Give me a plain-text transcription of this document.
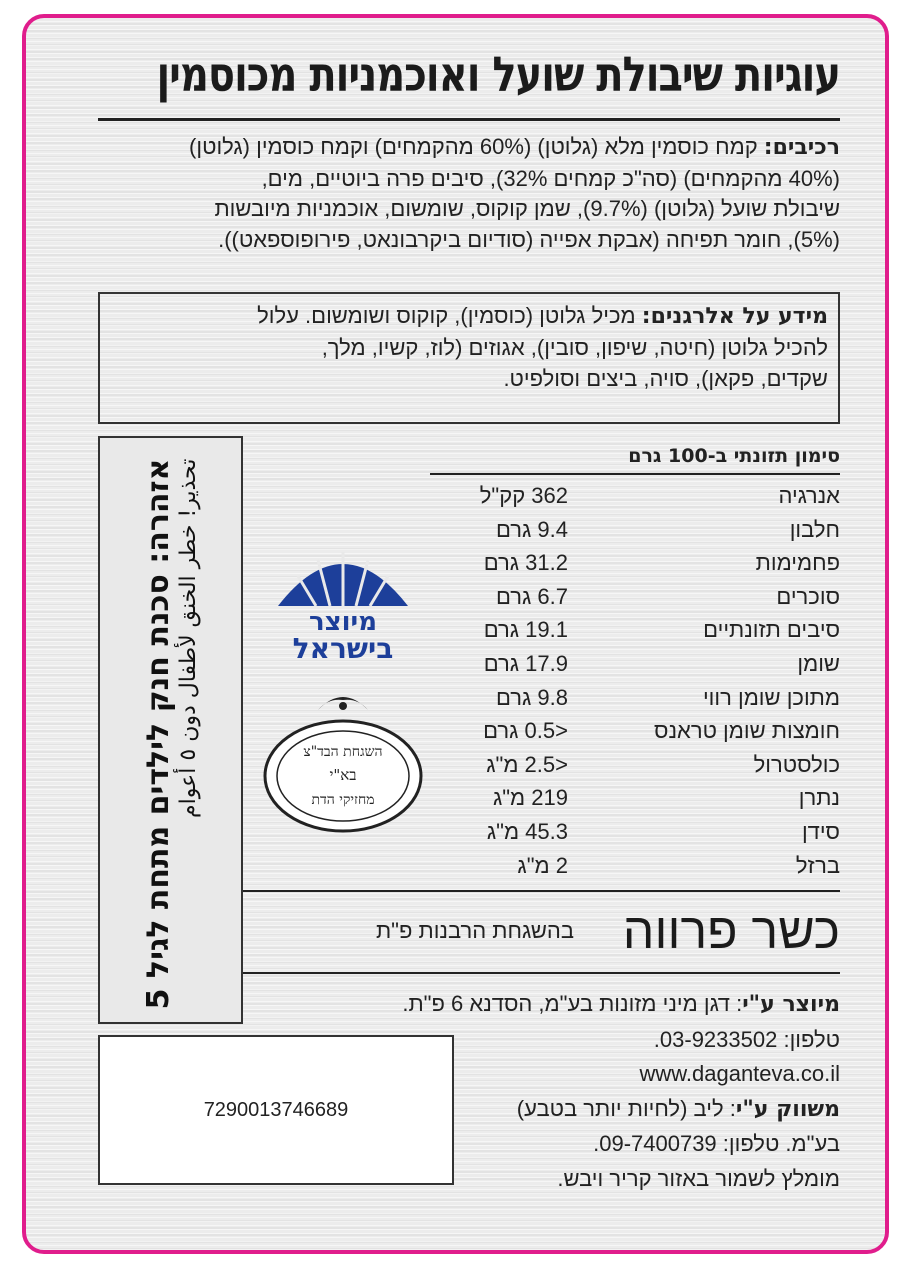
עוגיות שיבולת שועל ואוכמניות מכוסמין
רכיבים: קמח כוסמין מלא (גלוטן) (60% מהקמחים) וקמח כוסמין (גלוטן)
(40% מהקמחים) (סה"כ קמחים 32%), סיבים פרה ביוטיים, מים,
שיבולת שועל (גלוטן) (9.7%), שמן קוקוס, שומשום, אוכמניות מיובשות
(5%), חומר תפיחה (אבקת אפייה (סודיום ביקרבונאט, פירופוספאט)).
מידע על אלרגנים: מכיל גלוטן (כוסמין), קוקוס ושומשום. עלול
להכיל גלוטן (חיטה, שיפון, סובין), אגוזים (לוז, קשיו, מלך,
שקדים, פקאן), סויה, ביצים וסולפיט.
אזהרה: סכנת חנק לילדים מתחת לגיל 5 تحذير! خطر الخنق لأطفال دون ٥ أعوام
סימון תזונתי ב-100 גרם
אנרגיה
362 קק"ל
חלבון
9.4 גרם
פחמימות
31.2 גרם
סוכרים
6.7 גרם
סיבים תזונתיים
19.1 גרם
שומן
17.9 גרם
מתוכן שומן רווי
9.8 גרם
חומצות שומן טראנס
<0.5 גרם
כולסטרול
<2.5 מ"ג
נתרן
219 מ"ג
סידן
45.3 מ"ג
ברזל
2 מ"ג
מיוצר
בישראל
השגחת הבד"צ
בא"י
מחזיקי הדת
כשר פרווה
בהשגחת הרבנות פ"ת
מיוצר ע"י: דגן מיני מזונות בע"מ, הסדנא 6 פ"ת.
טלפון: 03-9233502.
www.daganteva.co.il
משווק ע"י: ליב (לחיות יותר בטבע)
בע"מ. טלפון: 09-7400739.
מומלץ לשמור באזור קריר ויבש.
7290013746689
